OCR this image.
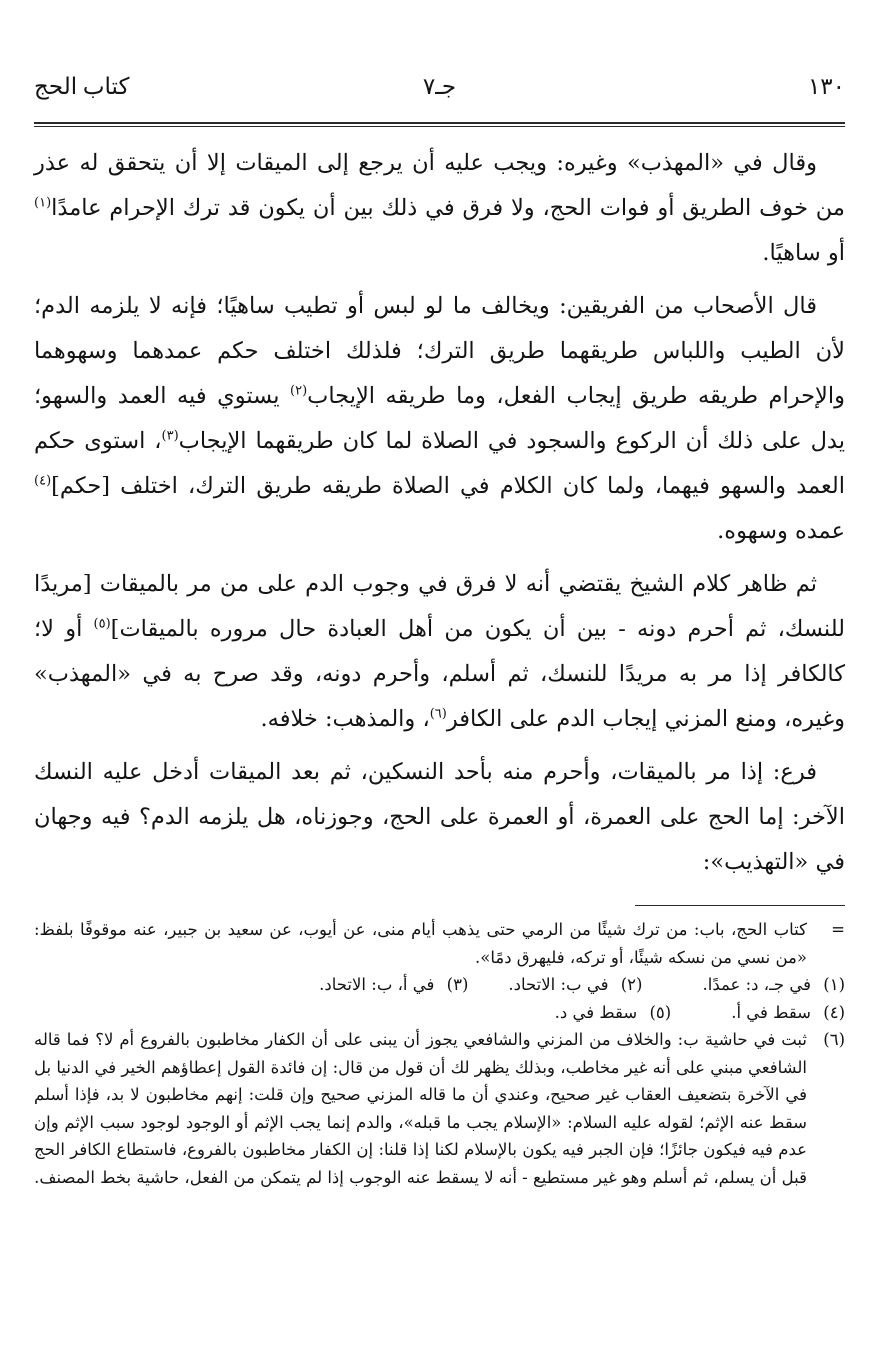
١٣٠
جـ٧
كتاب الحج

وقال في «المهذب» وغيره: ويجب عليه أن يرجع إلى الميقات إلا أن يتحقق له عذر من خوف الطريق أو فوات الحج، ولا فرق في ذلك بين أن يكون قد ترك الإحرام عامدًا$^{(١)}$ أو ساهيًا.

قال الأصحاب من الفريقين: ويخالف ما لو لبس أو تطيب ساهيًا؛ فإنه لا يلزمه الدم؛ لأن الطيب واللباس طريقهما طريق الترك؛ فلذلك اختلف حكم عمدهما وسهوهما والإحرام طريقه طريق إيجاب الفعل، وما طريقه الإيجاب$^{(٢)}$ يستوي فيه العمد والسهو؛ يدل على ذلك أن الركوع والسجود في الصلاة لما كان طريقهما الإيجاب$^{(٣)}$، استوى حكم العمد والسهو فيهما، ولما كان الكلام في الصلاة طريقه طريق الترك، اختلف [حكم]$^{(٤)}$ عمده وسهوه.

ثم ظاهر كلام الشيخ يقتضي أنه لا فرق في وجوب الدم على من مر بالميقات [مريدًا للنسك، ثم أحرم دونه - بين أن يكون من أهل العبادة حال مروره بالميقات]$^{(٥)}$ أو لا؛ كالكافر إذا مر به مريدًا للنسك، ثم أسلم، وأحرم دونه، وقد صرح به في «المهذب» وغيره، ومنع المزني إيجاب الدم على الكافر$^{(٦)}$، والمذهب: خلافه.

فرع: إذا مر بالميقات، وأحرم منه بأحد النسكين، ثم بعد الميقات أدخل عليه النسك الآخر: إما الحج على العمرة، أو العمرة على الحج، وجوزناه، هل يلزمه الدم؟ فيه وجهان في «التهذيب»:

=
كتاب الحج، باب: من ترك شيئًا من الرمي حتى يذهب أيام منى، عن أيوب، عن سعيد بن جبير، عنه موقوفًا بلفظ: «من نسي من نسكه شيئًا، أو تركه، فليهرق دمًا».
(١)
في جـ، د: عمدًا.
(٢)
في ب: الاتحاد.
(٣)
في أ، ب: الاتحاد.
(٤)
سقط في أ.
(٥)
سقط في د.
(٦)
ثبت في حاشية ب: والخلاف من المزني والشافعي يجوز أن يبنى على أن الكفار مخاطبون بالفروع أم لا؟ فما قاله الشافعي مبني على أنه غير مخاطب، وبذلك يظهر لك أن قول من قال: إن فائدة القول إعطاؤهم الخير في الدنيا بل في الآخرة بتضعيف العقاب غير صحيح، وعندي أن ما قاله المزني صحيح وإن قلت: إنهم مخاطبون لا بد، فإذا أسلم سقط عنه الإثم؛ لقوله عليه السلام: «الإسلام يجب ما قبله»، والدم إنما يجب الإثم أو الوجود لوجود سبب الإثم وإن عدم فيه فيكون جائزًا؛ فإن الجبر فيه يكون بالإسلام لكنا إذا قلنا: إن الكفار مخاطبون بالفروع، فاستطاع الكافر الحج قبل أن يسلم، ثم أسلم وهو غير مستطيع - أنه لا يسقط عنه الوجوب إذا لم يتمكن من الفعل، حاشية بخط المصنف.
